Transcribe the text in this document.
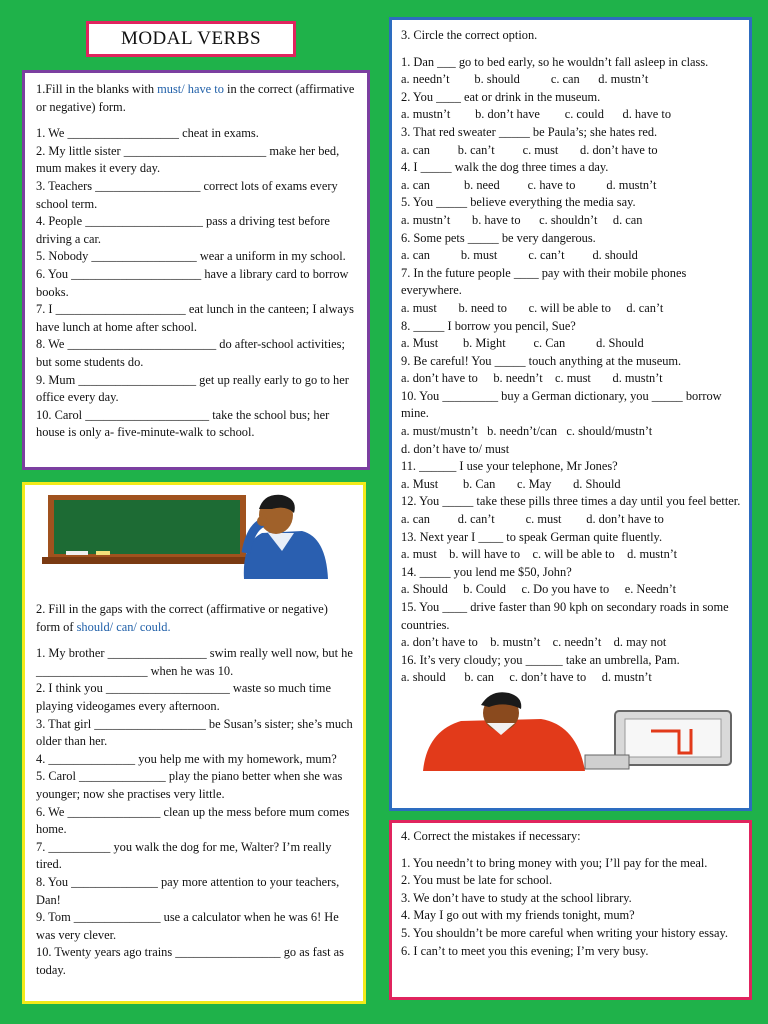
MODAL VERBS

1.Fill in the blanks with must/ have to in the correct (affirmative or negative) form.

1. We __________________ cheat in exams.

2. My little sister _______________________ make her bed, mum makes it every day.

3. Teachers _________________ correct lots of exams every school term.

4. People ___________________ pass a driving test before driving a car.

5. Nobody _________________ wear a uniform in my school.

6. You _____________________ have a library card to borrow books.

7. I _____________________ eat lunch in the canteen; I always have lunch at home after school.

8. We ________________________ do after-school activities; but some students do.

9. Mum ___________________ get up really early to go to her office every day.

10. Carol ____________________ take the school bus; her house is only a- five-minute-walk to school.

2. Fill in the gaps with the correct (affirmative or negative) form of should/ can/ could.

1. My brother ________________ swim really well now, but he __________________ when he was 10.

2. I think you ____________________ waste so much time playing videogames every afternoon.

3. That girl __________________ be Susan’s sister; she’s much older than her.

4. ______________ you help me with my homework, mum?

5. Carol ______________ play the piano better when she was younger; now she practises very little.

6. We _______________ clean up the mess before mum comes home.

7. __________ you walk the dog for me, Walter? I’m really tired.

8. You ______________ pay more attention to your teachers, Dan!

9. Tom ______________ use a calculator when he was 6! He was very clever.

10. Twenty years ago trains _________________ go as fast as today.

3. Circle the correct option.

1. Dan ___ go to bed early, so he wouldn’t fall asleep in class.

a. needn’t        b. should          c. can      d. mustn’t

2. You ____ eat or drink in the museum.

a. mustn’t        b. don’t have        c. could      d. have to

3. That red sweater _____ be Paula’s; she hates red.

a. can         b. can’t         c. must       d. don’t have to

4. I _____ walk the dog three times a day.

a. can           b. need         c. have to          d. mustn’t

5. You _____ believe everything the media say.

a. mustn’t       b. have to      c. shouldn’t     d. can

6. Some pets _____ be very dangerous.

a. can          b. must          c. can’t         d. should

7. In the future people ____ pay with their mobile phones everywhere.

a. must       b. need to       c. will be able to     d. can’t

8. _____ I borrow you pencil, Sue?

a. Must        b. Might         c. Can          d. Should

9. Be careful! You _____ touch anything at the museum.

a. don’t have to     b. needn’t    c. must       d. mustn’t

10. You _________ buy a German dictionary, you _____ borrow mine.

a. must/mustn’t   b. needn’t/can   c. should/mustn’t

d. don’t have to/ must

11. ______ I use your telephone, Mr Jones?

a. Must        b. Can       c. May       d. Should

12. You _____ take these pills three times a day until you feel better.

a. can         d. can’t          c. must        d. don’t have to

13. Next year I ____ to speak German quite fluently.

a. must    b. will have to    c. will be able to    d. mustn’t

14. _____ you lend me $50, John?

a. Should     b. Could     c. Do you have to     e. Needn’t

15. You ____ drive faster than 90 kph on secondary roads in some countries.

a. don’t have to    b. mustn’t    c. needn’t    d. may not

16. It’s very cloudy; you ______ take an umbrella, Pam.

a. should      b. can     c. don’t have to     d. mustn’t

4. Correct the mistakes if necessary:

1. You needn’t to bring money with you; I’ll pay for the meal.

2. You must be late for school.

3. We don’t have to study at the school library.

4. May I go out with my friends tonight, mum?

5. You shouldn’t be more careful when writing your history essay.

6. I can’t to meet you this evening; I’m very busy.
